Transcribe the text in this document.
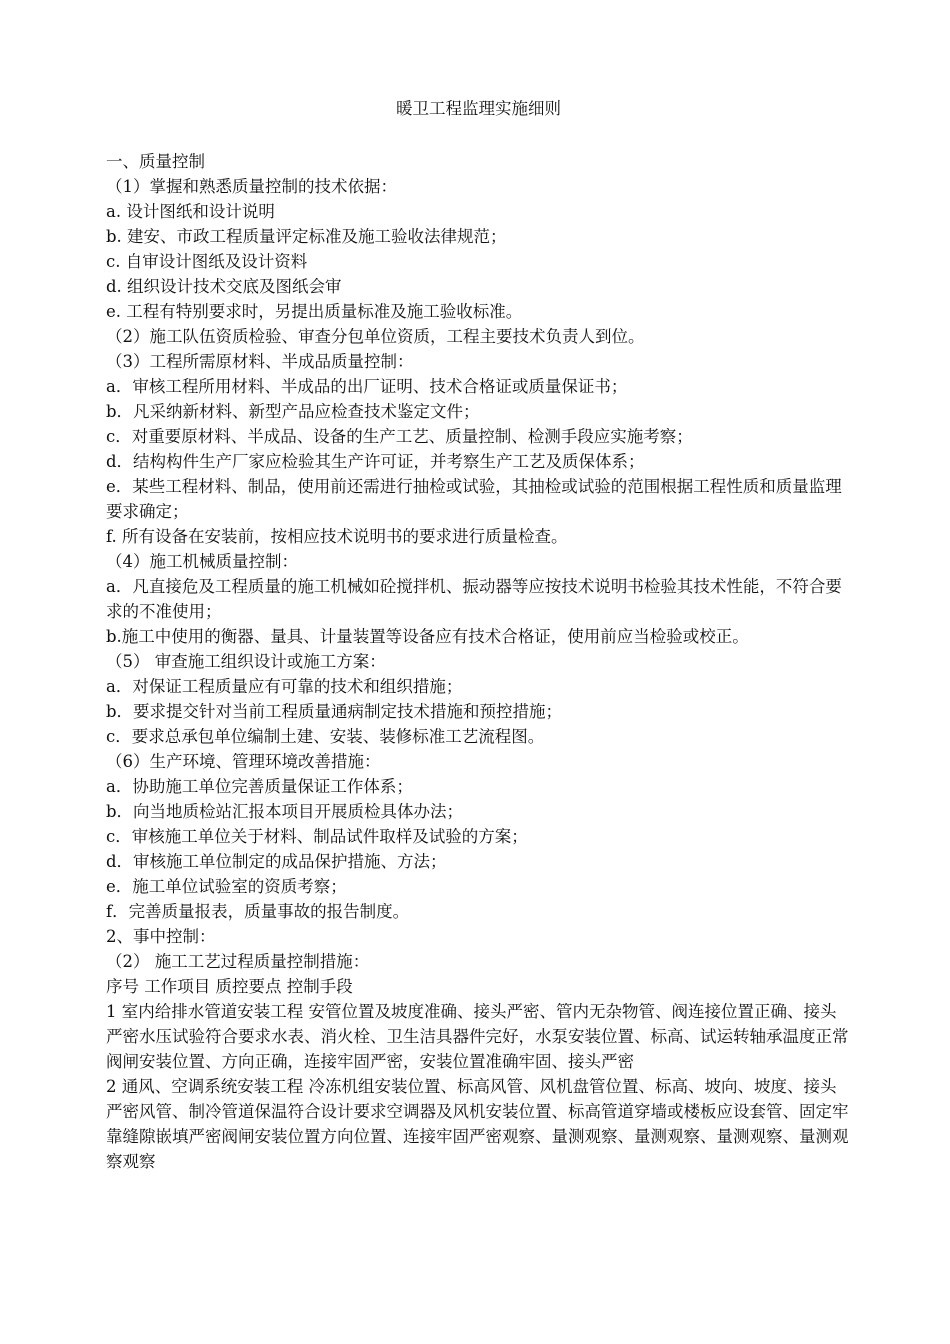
暖卫工程监理实施细则

一、质量控制

（1）掌握和熟悉质量控制的技术依据：

a. 设计图纸和设计说明

b. 建安、市政工程质量评定标准及施工验收法律规范；

c. 自审设计图纸及设计资料

d. 组织设计技术交底及图纸会审

e. 工程有特别要求时，另提出质量标准及施工验收标准。

（2）施工队伍资质检验、审查分包单位资质，工程主要技术负责人到位。

（3）工程所需原材料、半成品质量控制：

a．审核工程所用材料、半成品的出厂证明、技术合格证或质量保证书；

b．凡采纳新材料、新型产品应检查技术鉴定文件；

c．对重要原材料、半成品、设备的生产工艺、质量控制、检测手段应实施考察；

d．结构构件生产厂家应检验其生产许可证，并考察生产工艺及质保体系；

e．某些工程材料、制品，使用前还需进行抽检或试验，其抽检或试验的范围根据工程性质和质量监理要求确定；

f. 所有设备在安装前，按相应技术说明书的要求进行质量检查。

（4）施工机械质量控制：

a．凡直接危及工程质量的施工机械如砼搅拌机、振动器等应按技术说明书检验其技术性能，不符合要求的不准使用；

b.施工中使用的衡器、量具、计量装置等设备应有技术合格证，使用前应当检验或校正。

（5） 审查施工组织设计或施工方案：

a．对保证工程质量应有可靠的技术和组织措施；

b．要求提交针对当前工程质量通病制定技术措施和预控措施；

c．要求总承包单位编制土建、安装、装修标准工艺流程图。

（6）生产环境、管理环境改善措施：

a．协助施工单位完善质量保证工作体系；

b．向当地质检站汇报本项目开展质检具体办法；

c．审核施工单位关于材料、制品试件取样及试验的方案；

d．审核施工单位制定的成品保护措施、方法；

e．施工单位试验室的资质考察；

f．完善质量报表，质量事故的报告制度。

2、事中控制：

（2） 施工工艺过程质量控制措施：

序号 工作项目 质控要点 控制手段

1 室内给排水管道安装工程 安管位置及坡度准确、接头严密、管内无杂物管、阀连接位置正确、接头严密水压试验符合要求水表、消火栓、卫生洁具器件完好，水泵安装位置、标高、试运转轴承温度正常阀闸安装位置、方向正确，连接牢固严密，安装位置准确牢固、接头严密

2 通风、空调系统安装工程 冷冻机组安装位置、标高风管、风机盘管位置、标高、坡向、坡度、接头严密风管、制冷管道保温符合设计要求空调器及风机安装位置、标高管道穿墙或楼板应设套管、固定牢靠缝隙嵌填严密阀闸安装位置方向位置、连接牢固严密观察、量测观察、量测观察、量测观察、量测观察观察
